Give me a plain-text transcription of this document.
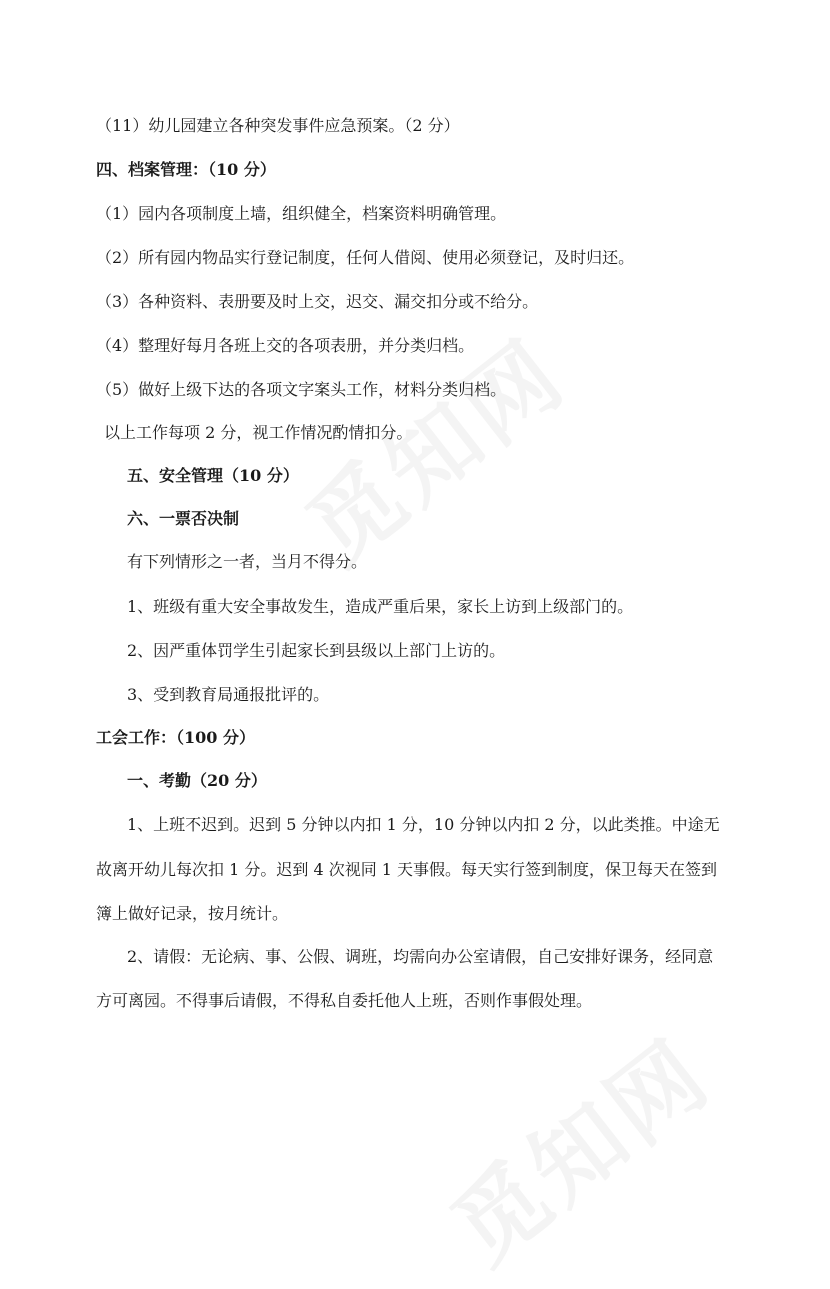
（11）幼儿园建立各种突发事件应急预案。（2 分）
四、档案管理：（10 分）
（1）园内各项制度上墙，组织健全，档案资料明确管理。
（2）所有园内物品实行登记制度，任何人借阅、使用必须登记，及时归还。
（3）各种资料、表册要及时上交，迟交、漏交扣分或不给分。
（4）整理好每月各班上交的各项表册，并分类归档。
（5）做好上级下达的各项文字案头工作，材料分类归档。
以上工作每项 2 分，视工作情况酌情扣分。
五、安全管理（10 分）
六、一票否决制
有下列情形之一者，当月不得分。
1、班级有重大安全事故发生，造成严重后果，家长上访到上级部门的。
2、因严重体罚学生引起家长到县级以上部门上访的。
3、受到教育局通报批评的。
工会工作：（100 分）
一、考勤（20 分）
1、上班不迟到。迟到 5 分钟以内扣 1 分，10 分钟以内扣 2 分，以此类推。中途无
故离开幼儿每次扣 1 分。迟到 4 次视同 1 天事假。每天实行签到制度，保卫每天在签到
簿上做好记录，按月统计。
2、请假：无论病、事、公假、调班，均需向办公室请假，自己安排好课务，经同意
方可离园。不得事后请假，不得私自委托他人上班，否则作事假处理。
